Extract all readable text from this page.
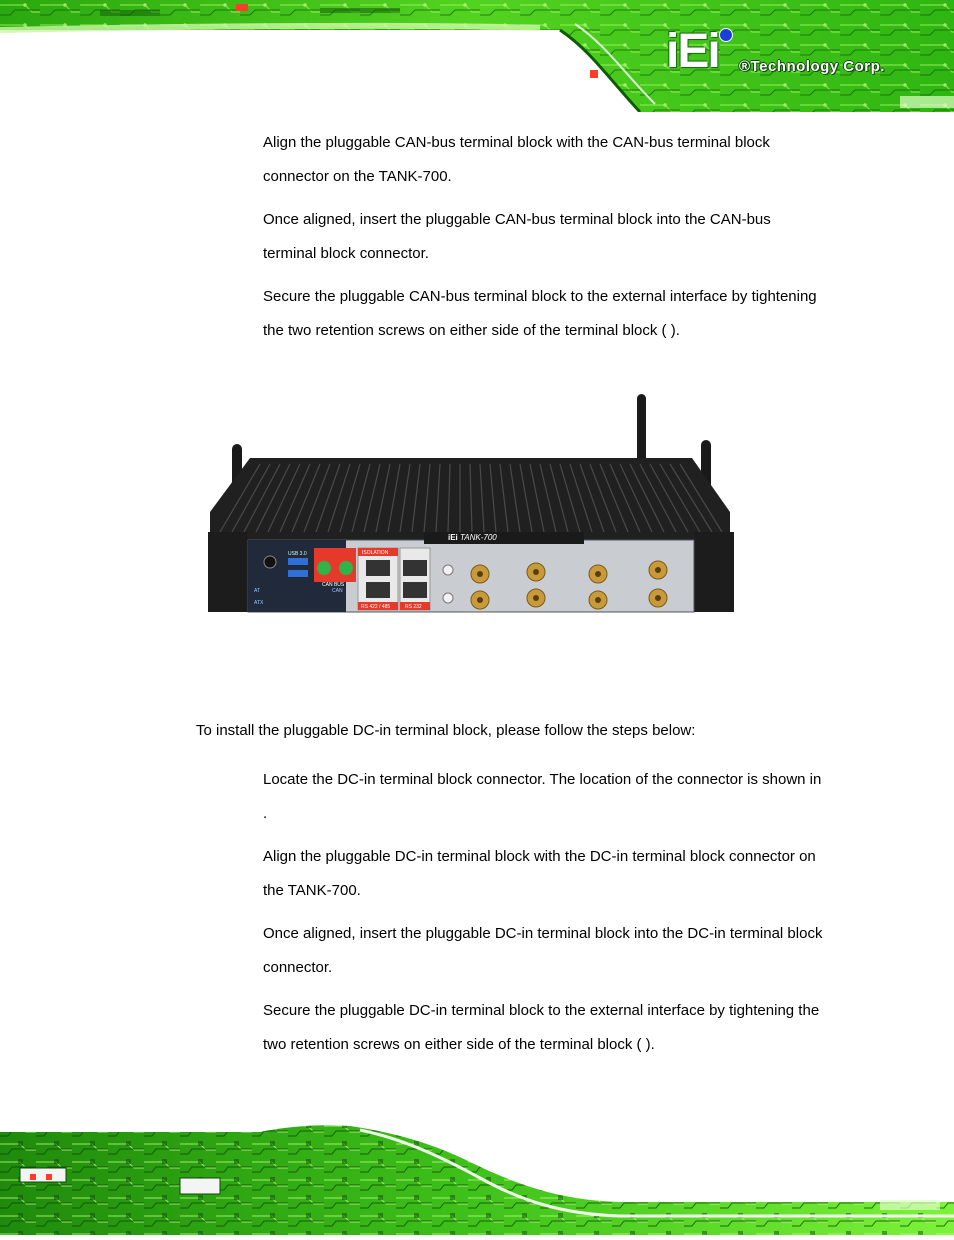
iEi ®Technology Corp.

Align the pluggable CAN-bus terminal block with the CAN-bus terminal block connector on the TANK-700.

Once aligned, insert the pluggable CAN-bus terminal block into the CAN-bus terminal block connector.

Secure the pluggable CAN-bus terminal block to the external interface by tightening the two retention screws on either side of the terminal block ( ).

iEi TANK-700
USB 3.0
AT
ATX
CAN
CAN BUS
ISOLATION
RS 422 / 485	RS 232

To install the pluggable DC-in terminal block, please follow the steps below:

Locate the DC-in terminal block connector. The location of the connector is shown in .

Align the pluggable DC-in terminal block with the DC-in terminal block connector on the TANK-700.

Once aligned, insert the pluggable DC-in terminal block into the DC-in terminal block connector.

Secure the pluggable DC-in terminal block to the external interface by tightening the two retention screws on either side of the terminal block ( ).
